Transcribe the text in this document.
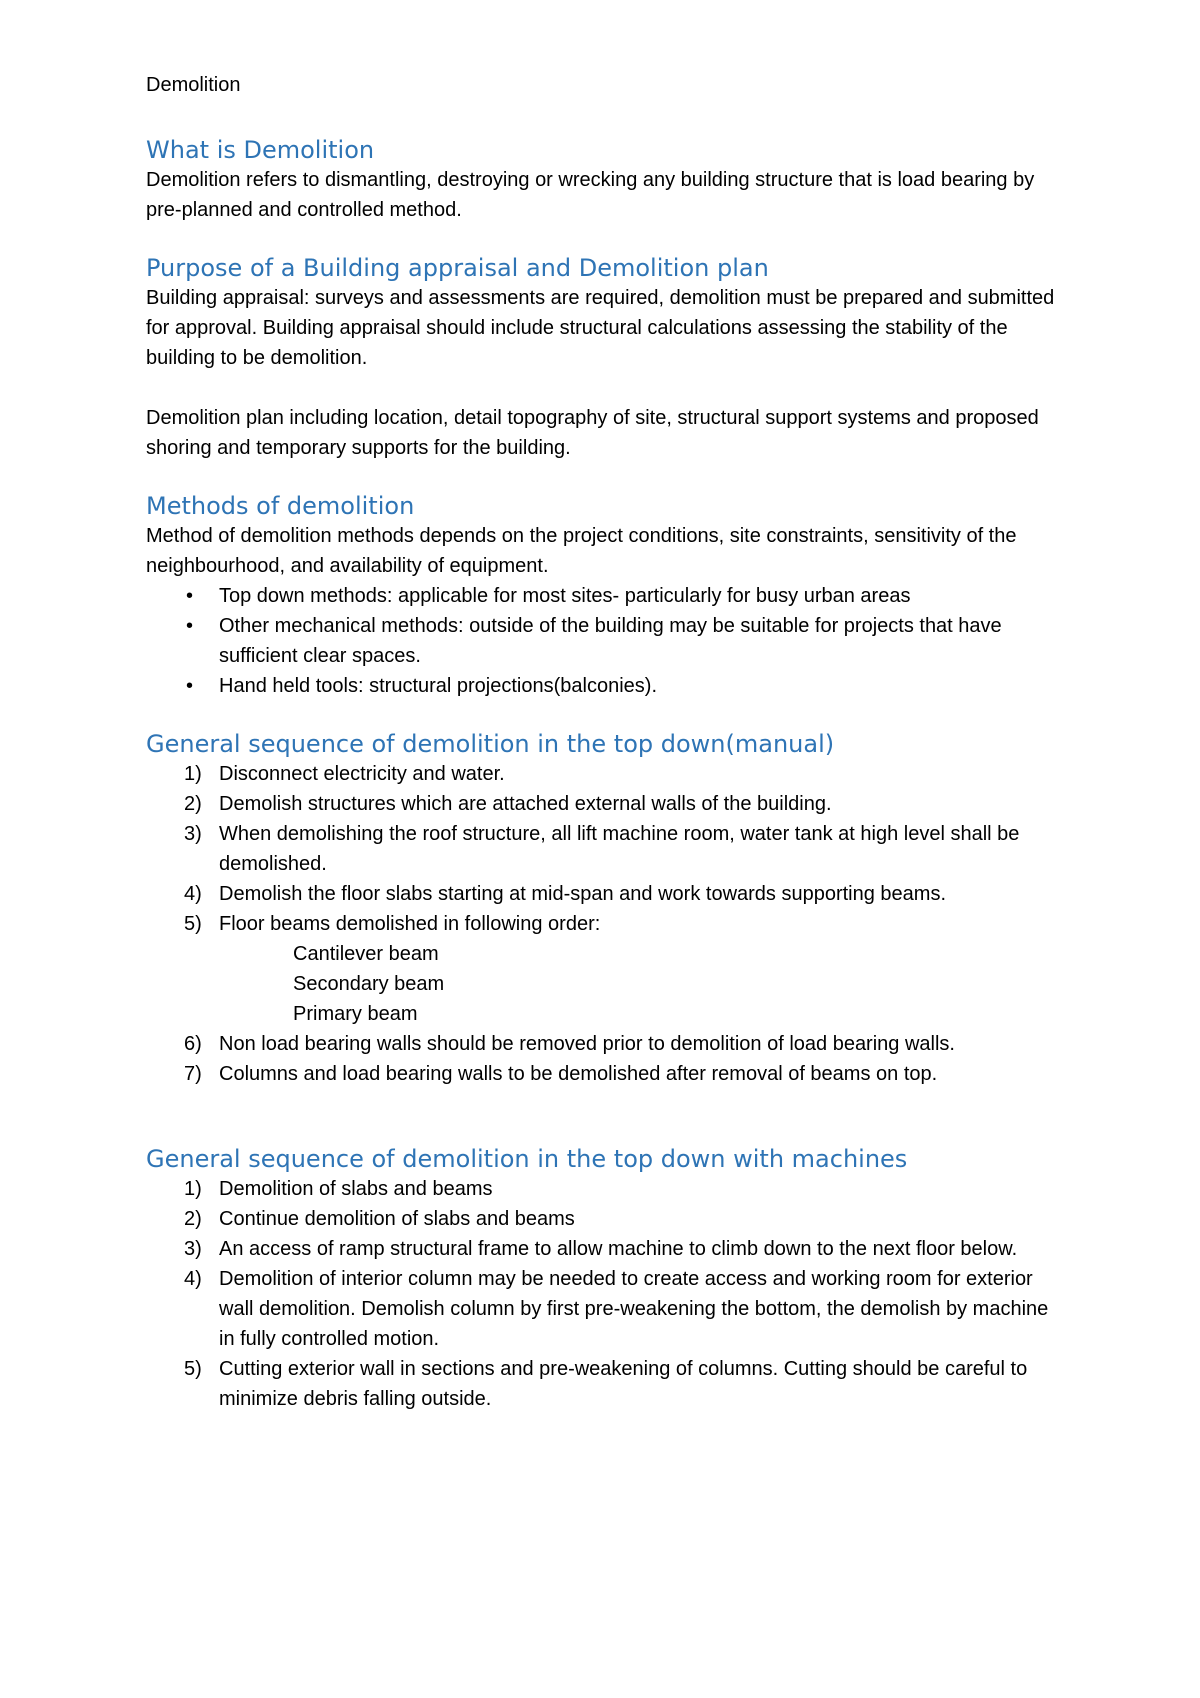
Demolition

What is Demolition

Demolition refers to dismantling, destroying or wrecking any building structure that is load bearing by pre-planned and controlled method.

Purpose of a Building appraisal and Demolition plan

Building appraisal: surveys and assessments are required, demolition must be prepared and submitted for approval. Building appraisal should include structural calculations assessing the stability of the building to be demolition.

Demolition plan including location, detail topography of site, structural support systems and proposed shoring and temporary supports for the building.

Methods of demolition

Method of demolition methods depends on the project conditions, site constraints, sensitivity of the neighbourhood, and availability of equipment.

• Top down methods: applicable for most sites- particularly for busy urban areas
• Other mechanical methods: outside of the building may be suitable for projects that have sufficient clear spaces.
• Hand held tools: structural projections(balconies).
General sequence of demolition in the top down(manual)
1) Disconnect electricity and water.
2) Demolish structures which are attached external walls of the building.
3) When demolishing the roof structure, all lift machine room, water tank at high level shall be demolished.
4) Demolish the floor slabs starting at mid-span and work towards supporting beams.
5) Floor beams demolished in following order:

Cantilever beam

Secondary beam

Primary beam

6) Non load bearing walls should be removed prior to demolition of load bearing walls.
7) Columns and load bearing walls to be demolished after removal of beams on top.
General sequence of demolition in the top down with machines
1) Demolition of slabs and beams
2) Continue demolition of slabs and beams
3) An access of ramp structural frame to allow machine to climb down to the next floor below.
4) Demolition of interior column may be needed to create access and working room for exterior wall demolition. Demolish column by first pre-weakening the bottom, the demolish by machine in fully controlled motion.
5) Cutting exterior wall in sections and pre-weakening of columns. Cutting should be careful to minimize debris falling outside.
